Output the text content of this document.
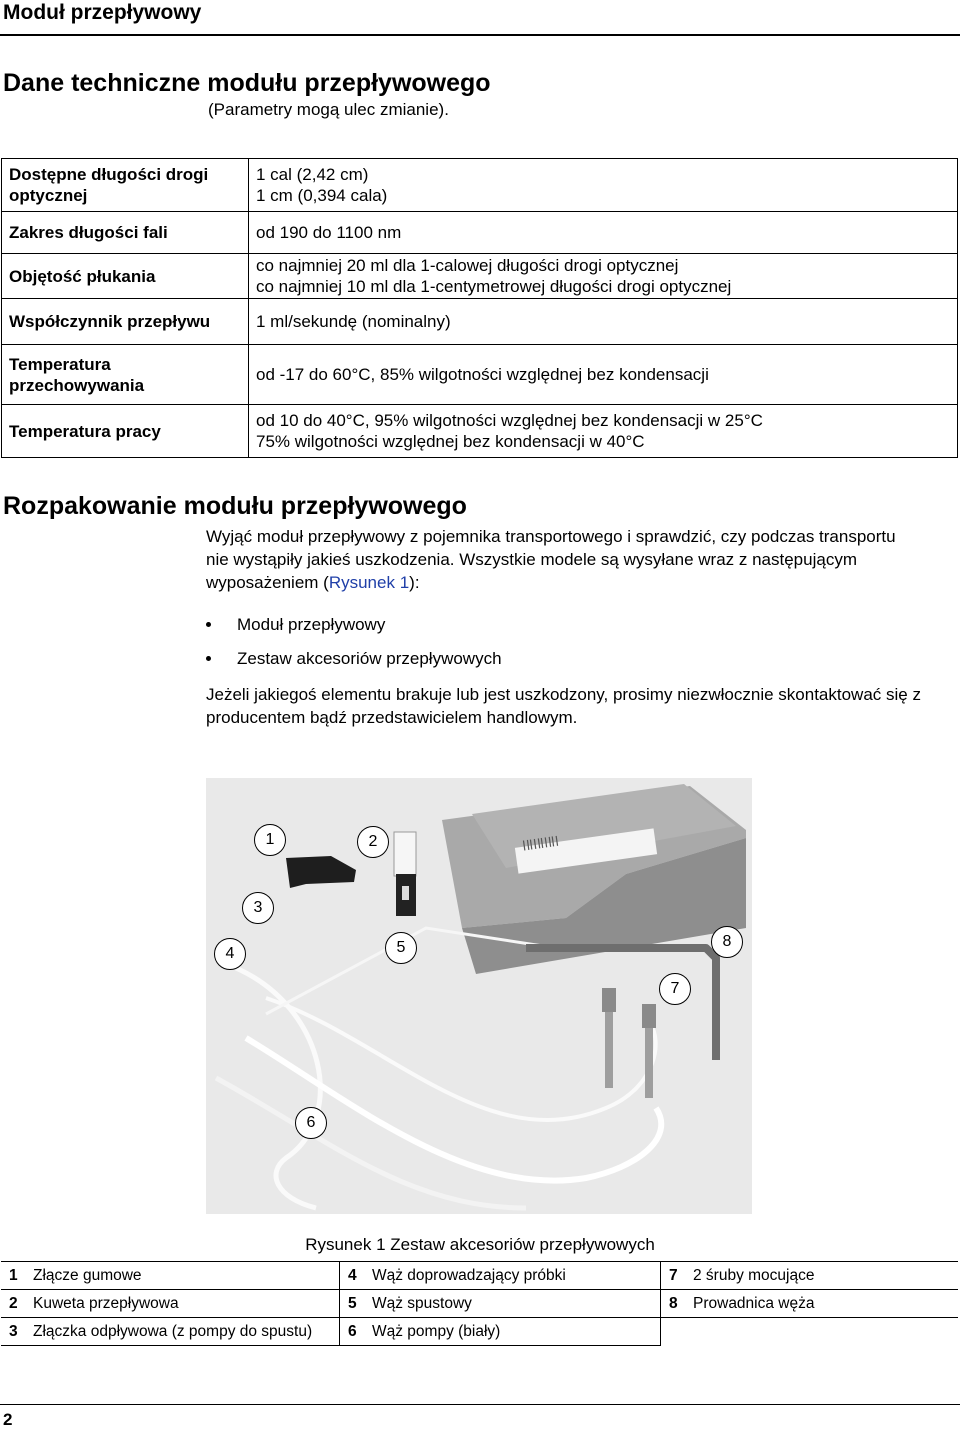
Moduł przepływowy
Dane techniczne modułu przepływowego
(Parametry mogą ulec zmianie).
Dostępne długości drogi optycznej	1 cal (2,42 cm)
1 cm (0,394 cala)

Zakres długości fali	od 190 do 1100 nm

Objętość płukania	co najmniej 20 ml dla 1-calowej długości drogi optycznej
co najmniej 10 ml dla 1-centymetrowej długości drogi optycznej

Współczynnik przepływu	1 ml/sekundę (nominalny)

Temperatura przechowywania	od -17 do 60°C, 85% wilgotności względnej bez kondensacji

Temperatura pracy	od 10 do 40°C, 95% wilgotności względnej bez kondensacji w 25°C
75% wilgotności względnej bez kondensacji w 40°C
Rozpakowanie modułu przepływowego
Wyjąć moduł przepływowy z pojemnika transportowego i sprawdzić, czy podczas transportu nie wystąpiły jakieś uszkodzenia. Wszystkie modele są wysyłane wraz z następującym wyposażeniem (Rysunek 1):
Moduł przepływowy
Zestaw akcesoriów przepływowych
Jeżeli jakiegoś elementu brakuje lub jest uszkodzony, prosimy niezwłocznie skontaktować się z producentem bądź przedstawicielem handlowym.
1	2
3
4	5
6
7
8
Rysunek 1 Zestaw akcesoriów przepływowych
1	Złącze gumowe	4	Wąż doprowadzający próbki	7	2 śruby mocujące
2	Kuweta przepływowa	5	Wąż spustowy	8	Prowadnica węża
3	Złączka odpływowa (z pompy do spustu)	6	Wąż pompy (biały)		
2
